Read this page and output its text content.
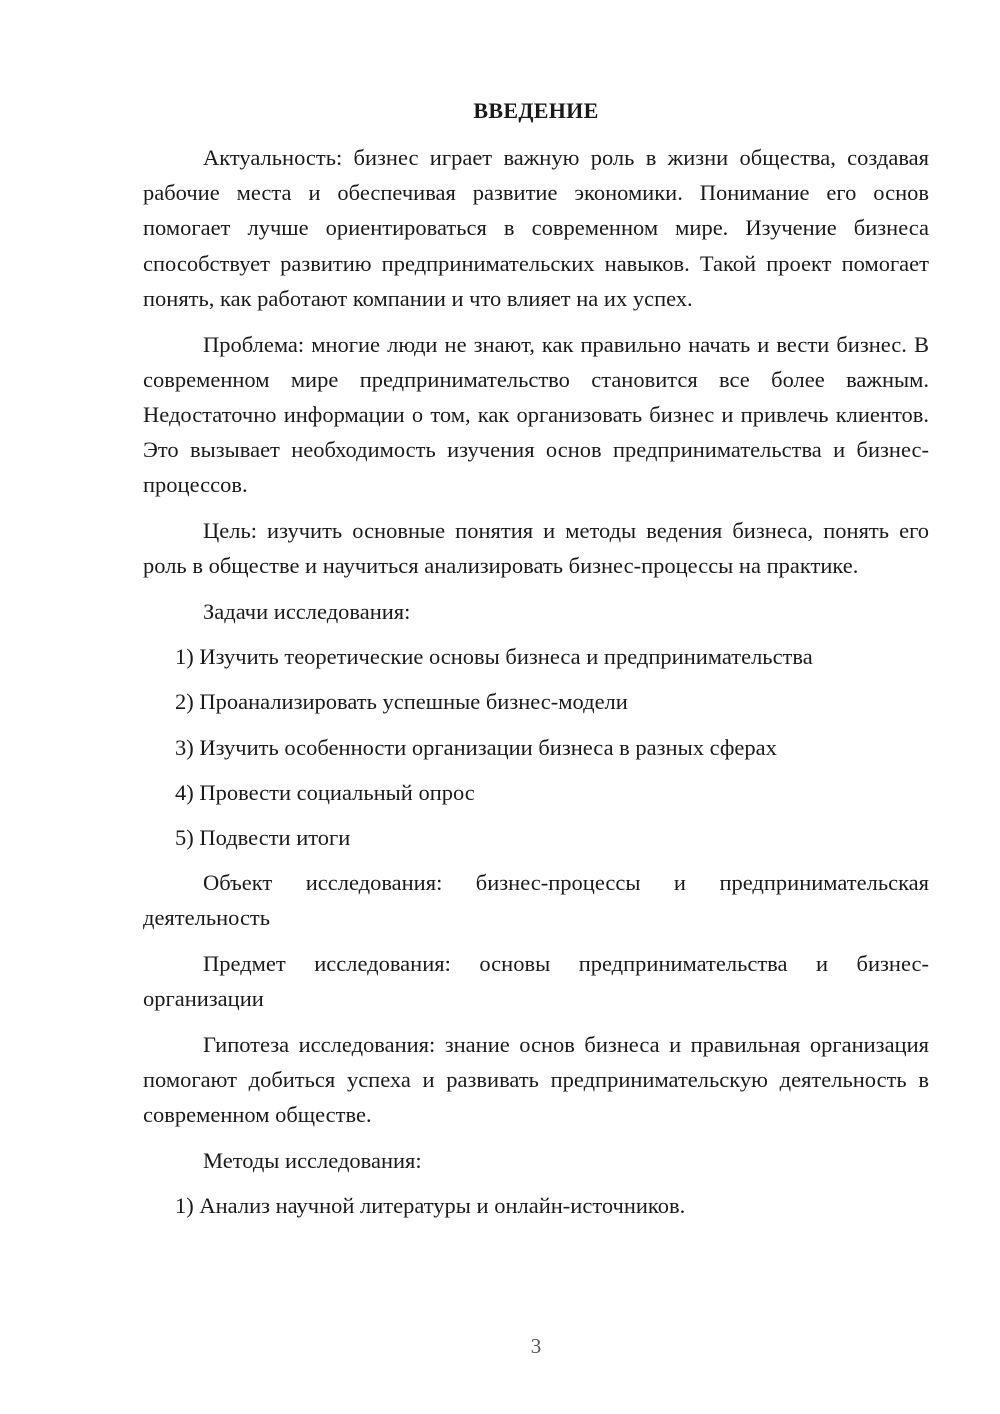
ВВЕДЕНИЕ

Актуальность: бизнес играет важную роль в жизни общества, создавая рабочие места и обеспечивая развитие экономики. Понимание его основ помогает лучше ориентироваться в современном мире. Изучение бизнеса способствует развитию предпринимательских навыков. Такой проект помогает понять, как работают компании и что влияет на их успех.

Проблема: многие люди не знают, как правильно начать и вести бизнес. В современном мире предпринимательство становится все более важным. Недостаточно информации о том, как организовать бизнес и привлечь клиентов. Это вызывает необходимость изучения основ предпринимательства и бизнес-процессов.

Цель: изучить основные понятия и методы ведения бизнеса, понять его роль в обществе и научиться анализировать бизнес-процессы на практике.

Задачи исследования:

1) Изучить теоретические основы бизнеса и предпринимательства

2) Проанализировать успешные бизнес-модели

3) Изучить особенности организации бизнеса в разных сферах

4) Провести социальный опрос

5) Подвести итоги

Объект исследования: бизнес-процессы и предпринимательская деятельность

Предмет исследования: основы предпринимательства и бизнес-организации

Гипотеза исследования: знание основ бизнеса и правильная организация помогают добиться успеха и развивать предпринимательскую деятельность в современном обществе.

Методы исследования:

1) Анализ научной литературы и онлайн-источников.

3
